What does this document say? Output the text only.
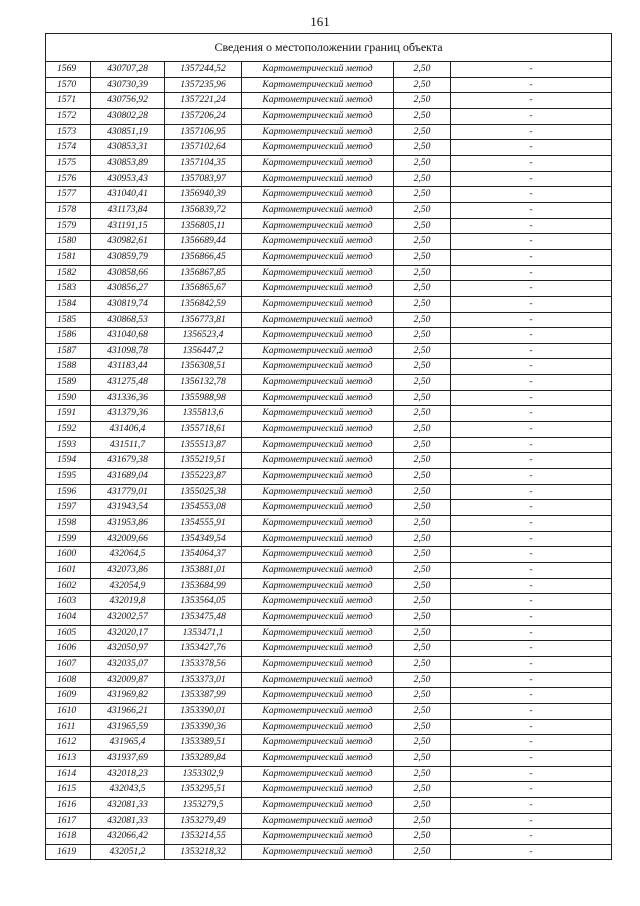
161
Сведения о местоположении границ объекта					
1569	430707,28	1357244,52	Картометрический метод	2,50	-
1570	430730,39	1357235,96	Картометрический метод	2,50	-
1571	430756,92	1357221,24	Картометрический метод	2,50	-
1572	430802,28	1357206,24	Картометрический метод	2,50	-
1573	430851,19	1357106,95	Картометрический метод	2,50	-
1574	430853,31	1357102,64	Картометрический метод	2,50	-
1575	430853,89	1357104,35	Картометрический метод	2,50	-
1576	430953,43	1357083,97	Картометрический метод	2,50	-
1577	431040,41	1356940,39	Картометрический метод	2,50	-
1578	431173,84	1356839,72	Картометрический метод	2,50	-
1579	431191,15	1356805,11	Картометрический метод	2,50	-
1580	430982,61	1356689,44	Картометрический метод	2,50	-
1581	430859,79	1356866,45	Картометрический метод	2,50	-
1582	430858,66	1356867,85	Картометрический метод	2,50	-
1583	430856,27	1356865,67	Картометрический метод	2,50	-
1584	430819,74	1356842,59	Картометрический метод	2,50	-
1585	430868,53	1356773,81	Картометрический метод	2,50	-
1586	431040,68	1356523,4	Картометрический метод	2,50	-
1587	431098,78	1356447,2	Картометрический метод	2,50	-
1588	431183,44	1356308,51	Картометрический метод	2,50	-
1589	431275,48	1356132,78	Картометрический метод	2,50	-
1590	431336,36	1355988,98	Картометрический метод	2,50	-
1591	431379,36	1355813,6	Картометрический метод	2,50	-
1592	431406,4	1355718,61	Картометрический метод	2,50	-
1593	431511,7	1355513,87	Картометрический метод	2,50	-
1594	431679,38	1355219,51	Картометрический метод	2,50	-
1595	431689,04	1355223,87	Картометрический метод	2,50	-
1596	431779,01	1355025,38	Картометрический метод	2,50	-
1597	431943,54	1354553,08	Картометрический метод	2,50	-
1598	431953,86	1354555,91	Картометрический метод	2,50	-
1599	432009,66	1354349,54	Картометрический метод	2,50	-
1600	432064,5	1354064,37	Картометрический метод	2,50	-
1601	432073,86	1353881,01	Картометрический метод	2,50	-
1602	432054,9	1353684,99	Картометрический метод	2,50	-
1603	432019,8	1353564,05	Картометрический метод	2,50	-
1604	432002,57	1353475,48	Картометрический метод	2,50	-
1605	432020,17	1353471,1	Картометрический метод	2,50	-
1606	432050,97	1353427,76	Картометрический метод	2,50	-
1607	432035,07	1353378,56	Картометрический метод	2,50	-
1608	432009,87	1353373,01	Картометрический метод	2,50	-
1609	431969,82	1353387,99	Картометрический метод	2,50	-
1610	431966,21	1353390,01	Картометрический метод	2,50	-
1611	431965,59	1353390,36	Картометрический метод	2,50	-
1612	431965,4	1353389,51	Картометрический метод	2,50	-
1613	431937,69	1353289,84	Картометрический метод	2,50	-
1614	432018,23	1353302,9	Картометрический метод	2,50	-
1615	432043,5	1353295,51	Картометрический метод	2,50	-
1616	432081,33	1353279,5	Картометрический метод	2,50	-
1617	432081,33	1353279,49	Картометрический метод	2,50	-
1618	432066,42	1353214,55	Картометрический метод	2,50	-
1619	432051,2	1353218,32	Картометрический метод	2,50	-
